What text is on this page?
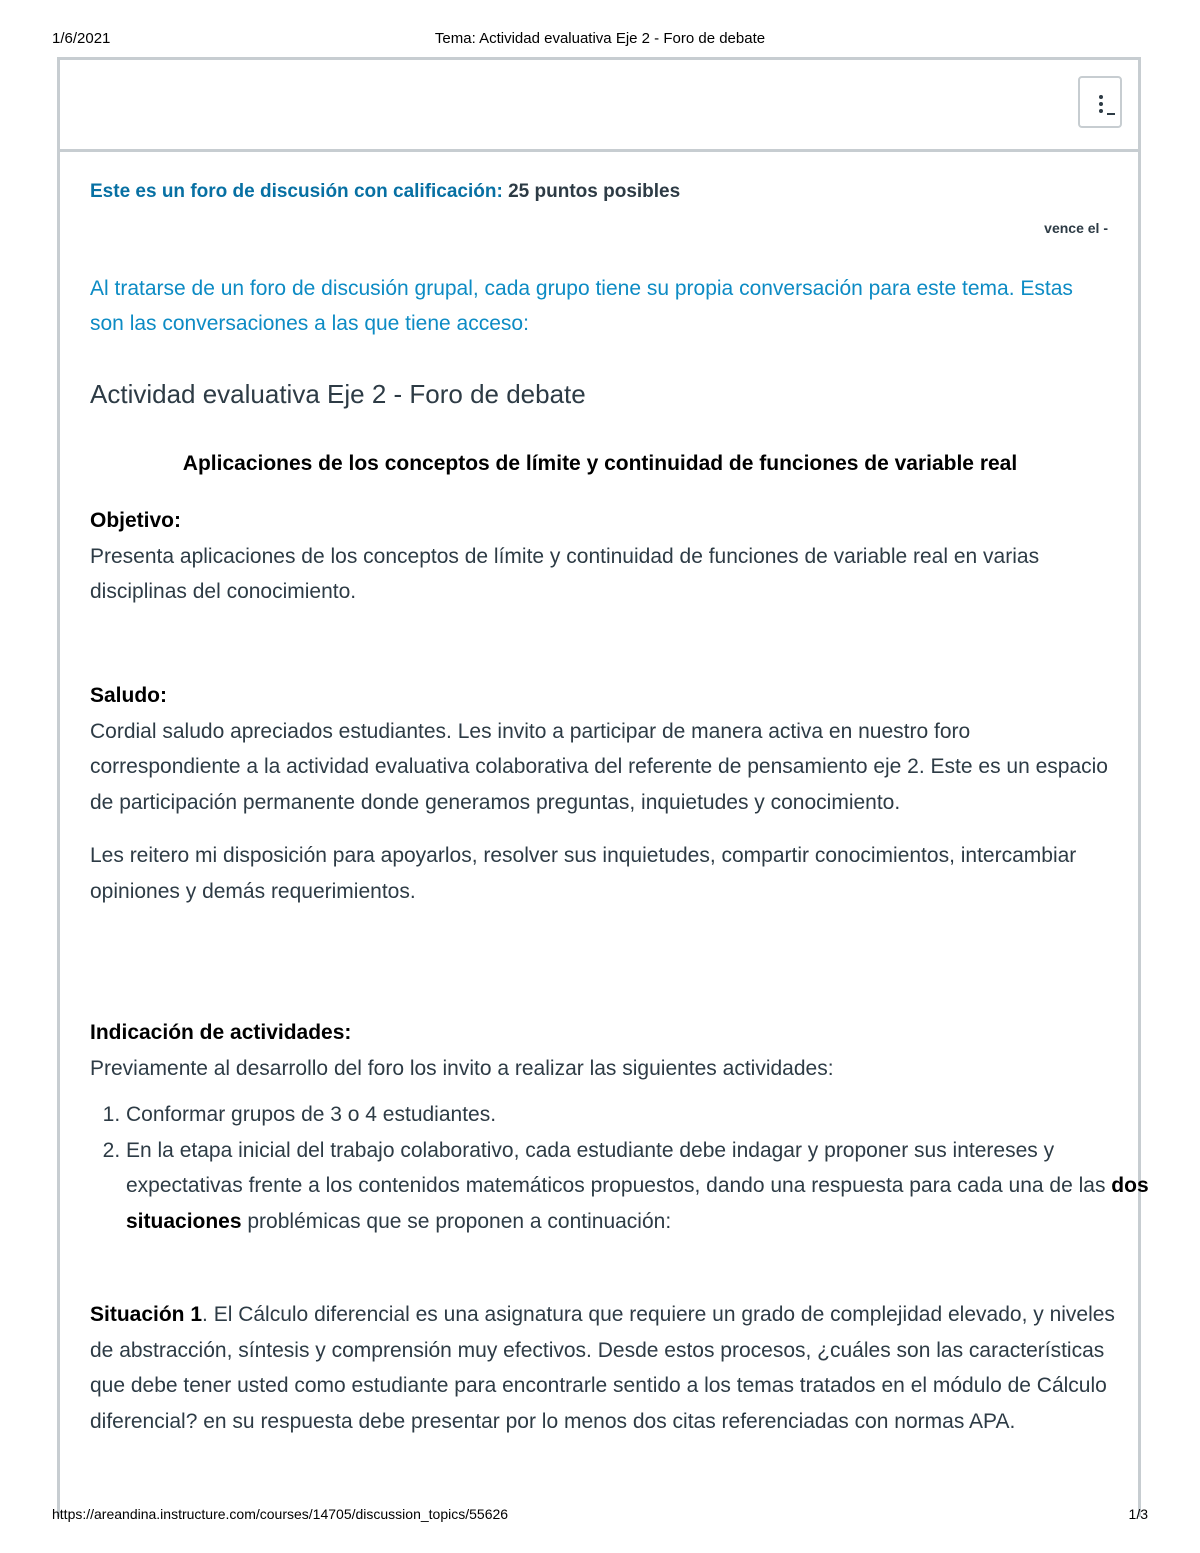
1/6/2021	Tema: Actividad evaluativa Eje 2 - Foro de debate
Este es un foro de discusión con calificación: 25 puntos posibles
vence el -
Al tratarse de un foro de discusión grupal, cada grupo tiene su propia conversación para este tema. Estas son las conversaciones a las que tiene acceso:
Actividad evaluativa Eje 2 - Foro de debate
Aplicaciones de los conceptos de límite y continuidad de funciones de variable real
Objetivo:

Presenta aplicaciones de los conceptos de límite y continuidad de funciones de variable real en varias disciplinas del conocimiento.

Saludo:

Cordial saludo apreciados estudiantes. Les invito a participar de manera activa en nuestro foro correspondiente a la actividad evaluativa colaborativa del referente de pensamiento eje 2. Este es un espacio de participación permanente donde generamos preguntas, inquietudes y conocimiento.

Les reitero mi disposición para apoyarlos, resolver sus inquietudes, compartir conocimientos, intercambiar opiniones y demás requerimientos.

Indicación de actividades:

Previamente al desarrollo del foro los invito a realizar las siguientes actividades:

1. Conformar grupos de 3 o 4 estudiantes.
2. En la etapa inicial del trabajo colaborativo, cada estudiante debe indagar y proponer sus intereses y expectativas frente a los contenidos matemáticos propuestos, dando una respuesta para cada una de las dos situaciones problémicas que se proponen a continuación:

Situación 1. El Cálculo diferencial es una asignatura que requiere un grado de complejidad elevado, y niveles de abstracción, síntesis y comprensión muy efectivos. Desde estos procesos, ¿cuáles son las características que debe tener usted como estudiante para encontrarle sentido a los temas tratados en el módulo de Cálculo diferencial? en su respuesta debe presentar por lo menos dos citas referenciadas con normas APA.

https://areandina.instructure.com/courses/14705/discussion_topics/55626	1/3
